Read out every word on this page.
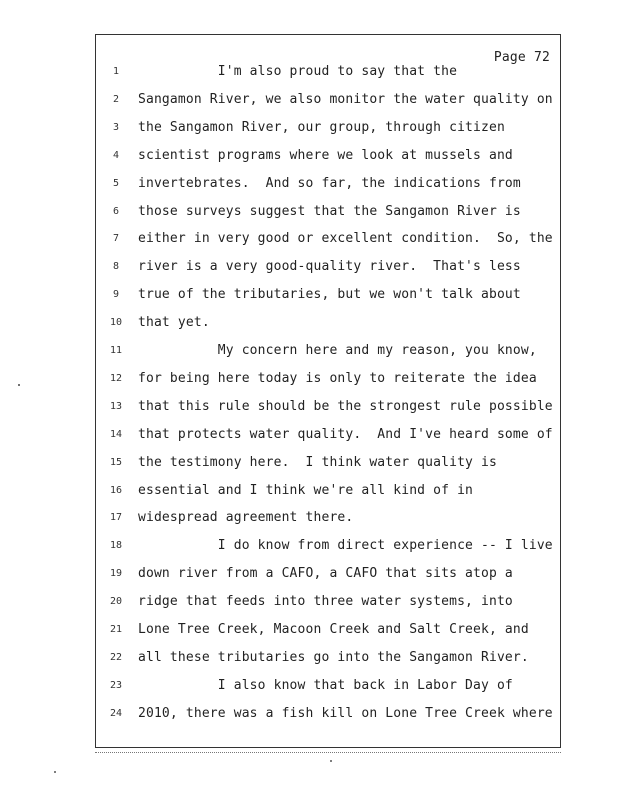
Page 72
1	I'm also proud to say that the
2	Sangamon River, we also monitor the water quality on
3	the Sangamon River, our group, through citizen
4	scientist programs where we look at mussels and
5	invertebrates.  And so far, the indications from
6	those surveys suggest that the Sangamon River is
7	either in very good or excellent condition.  So, the
8	river is a very good-quality river.  That's less
9	true of the tributaries, but we won't talk about
10	that yet.
11	My concern here and my reason, you know,
12	for being here today is only to reiterate the idea
13	that this rule should be the strongest rule possible
14	that protects water quality.  And I've heard some of
15	the testimony here.  I think water quality is
16	essential and I think we're all kind of in
17	widespread agreement there.
18	I do know from direct experience -- I live
19	down river from a CAFO, a CAFO that sits atop a
20	ridge that feeds into three water systems, into
21	Lone Tree Creek, Macoon Creek and Salt Creek, and
22	all these tributaries go into the Sangamon River.
23	I also know that back in Labor Day of
24	2010, there was a fish kill on Lone Tree Creek where
